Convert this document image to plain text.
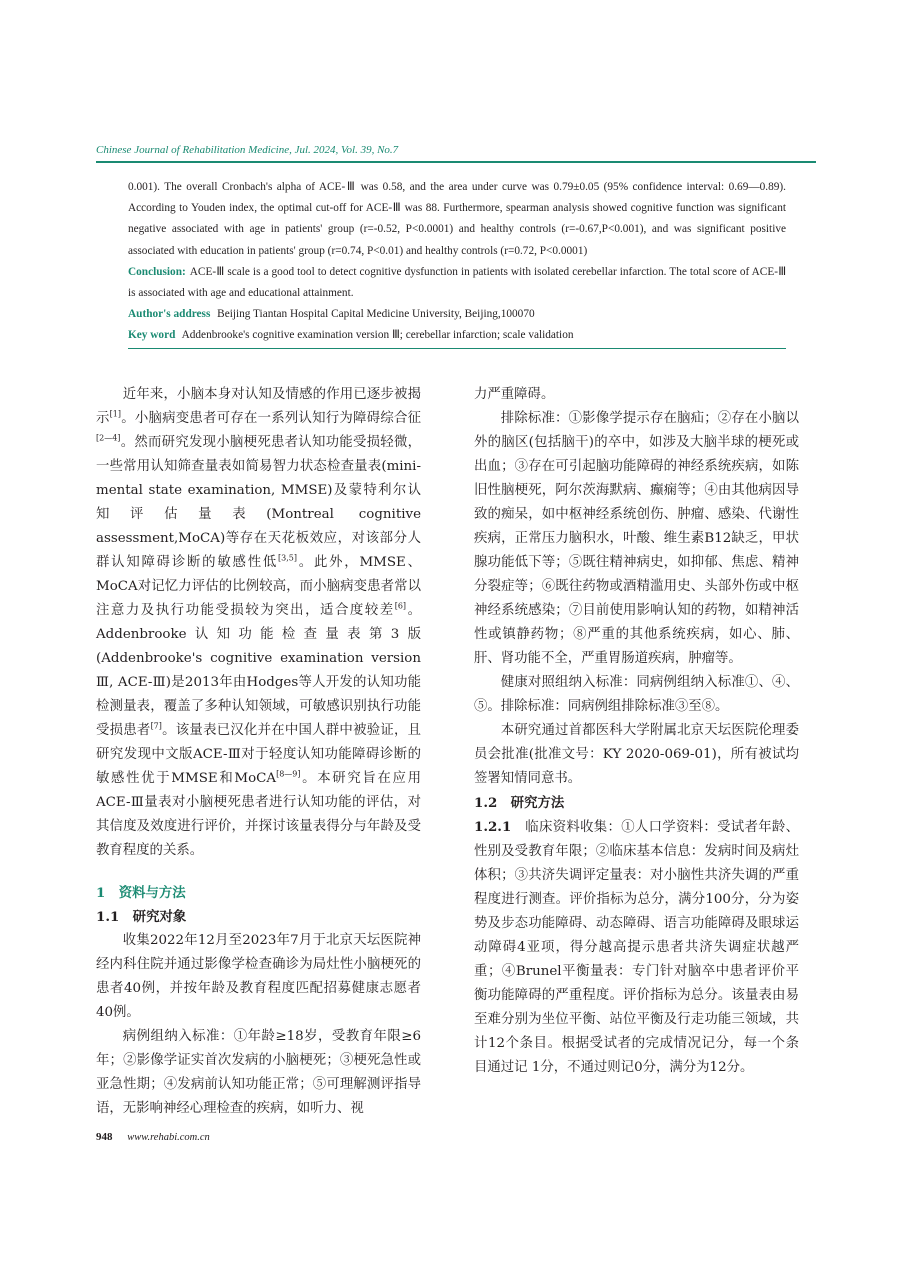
Chinese Journal of Rehabilitation Medicine, Jul. 2024, Vol. 39, No.7

0.001). The overall Cronbach's alpha of ACE-Ⅲ was 0.58, and the area under curve was 0.79±0.05 (95% confidence interval: 0.69—0.89). According to Youden index, the optimal cut-off for ACE-Ⅲ was 88. Furthermore, spearman analysis showed cognitive function was significant negative associated with age in patients' group (r=-0.52, P<0.0001) and healthy controls (r=-0.67,P<0.001), and was significant positive associated with education in patients' group (r=0.74, P<0.01) and healthy controls (r=0.72, P<0.0001)

Conclusion: ACE-Ⅲ scale is a good tool to detect cognitive dysfunction in patients with isolated cerebellar infarction. The total score of ACE-Ⅲ is associated with age and educational attainment.

Author's address Beijing Tiantan Hospital Capital Medicine University, Beijing,100070

Key word Addenbrooke's cognitive examination version Ⅲ; cerebellar infarction; scale validation

近年来，小脑本身对认知及情感的作用已逐步被揭示[1]。小脑病变患者可存在一系列认知行为障碍综合征[2—4]。然而研究发现小脑梗死患者认知功能受损轻微，一些常用认知筛查量表如简易智力状态检查量表(mini-mental state examination, MMSE)及蒙特利尔认知评估量表(Montreal cognitive assessment,MoCA)等存在天花板效应，对该部分人群认知障碍诊断的敏感性低[3,5]。此外，MMSE、MoCA对记忆力评估的比例较高，而小脑病变患者常以注意力及执行功能受损较为突出，适合度较差[6]。Addenbrooke认知功能检查量表第3版(Addenbrooke's cognitive examination version Ⅲ, ACE-Ⅲ)是2013年由Hodges等人开发的认知功能检测量表，覆盖了多种认知领域，可敏感识别执行功能受损患者[7]。该量表已汉化并在中国人群中被验证，且研究发现中文版ACE-Ⅲ对于轻度认知功能障碍诊断的敏感性优于MMSE和MoCA[8—9]。本研究旨在应用ACE-Ⅲ量表对小脑梗死患者进行认知功能的评估，对其信度及效度进行评价，并探讨该量表得分与年龄及受教育程度的关系。

1　资料与方法

1.1　研究对象

收集2022年12月至2023年7月于北京天坛医院神经内科住院并通过影像学检查确诊为局灶性小脑梗死的患者40例，并按年龄及教育程度匹配招募健康志愿者40例。

病例组纳入标准：①年龄≥18岁，受教育年限≥6年；②影像学证实首次发病的小脑梗死；③梗死急性或亚急性期；④发病前认知功能正常；⑤可理解测评指导语，无影响神经心理检查的疾病，如听力、视

力严重障碍。

排除标准：①影像学提示存在脑疝；②存在小脑以外的脑区(包括脑干)的卒中，如涉及大脑半球的梗死或出血；③存在可引起脑功能障碍的神经系统疾病，如陈旧性脑梗死，阿尔茨海默病、癫痫等；④由其他病因导致的痴呆，如中枢神经系统创伤、肿瘤、感染、代谢性疾病，正常压力脑积水，叶酸、维生素B12缺乏，甲状腺功能低下等；⑤既往精神病史，如抑郁、焦虑、精神分裂症等；⑥既往药物或酒精滥用史、头部外伤或中枢神经系统感染；⑦目前使用影响认知的药物，如精神活性或镇静药物；⑧严重的其他系统疾病，如心、肺、肝、肾功能不全，严重胃肠道疾病，肿瘤等。

健康对照组纳入标准：同病例组纳入标准①、④、⑤。排除标准：同病例组排除标准③至⑧。

本研究通过首都医科大学附属北京天坛医院伦理委员会批准(批准文号：KY 2020-069-01)，所有被试均签署知情同意书。

1.2　研究方法

1.2.1　 临床资料收集：①人口学资料：受试者年龄、性别及受教育年限；②临床基本信息：发病时间及病灶体积；③共济失调评定量表：对小脑性共济失调的严重程度进行测查。评价指标为总分，满分100分，分为姿势及步态功能障碍、动态障碍、语言功能障碍及眼球运动障碍4亚项，得分越高提示患者共济失调症状越严重；④Brunel平衡量表：专门针对脑卒中患者评价平衡功能障碍的严重程度。评价指标为总分。该量表由易至难分别为坐位平衡、站位平衡及行走功能三领域，共计12个条目。根据受试者的完成情况记分，每一个条目通过记 1分，不通过则记0分，满分为12分。

948 www.rehabi.com.cn
